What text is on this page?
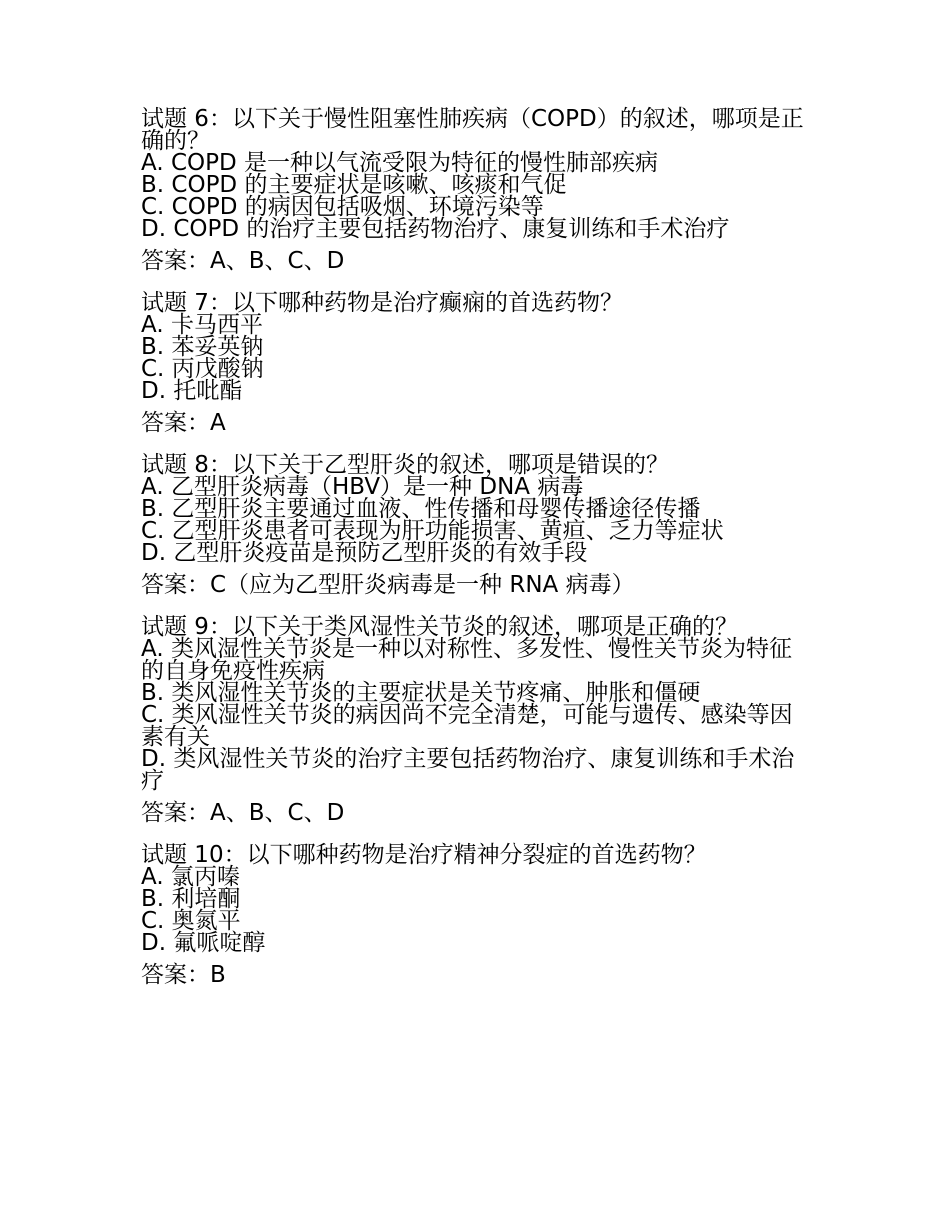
试题 6：以下关于慢性阻塞性肺疾病（COPD）的叙述，哪项是正确的？
A. COPD 是一种以气流受限为特征的慢性肺部疾病
B. COPD 的主要症状是咳嗽、咳痰和气促
C. COPD 的病因包括吸烟、环境污染等
D. COPD 的治疗主要包括药物治疗、康复训练和手术治疗
答案：A、B、C、D
试题 7：以下哪种药物是治疗癫痫的首选药物？
A. 卡马西平
B. 苯妥英钠
C. 丙戊酸钠
D. 托吡酯
答案：A
试题 8：以下关于乙型肝炎的叙述，哪项是错误的？
A. 乙型肝炎病毒（HBV）是一种 DNA 病毒
B. 乙型肝炎主要通过血液、性传播和母婴传播途径传播
C. 乙型肝炎患者可表现为肝功能损害、黄疸、乏力等症状
D. 乙型肝炎疫苗是预防乙型肝炎的有效手段
答案：C（应为乙型肝炎病毒是一种 RNA 病毒）
试题 9：以下关于类风湿性关节炎的叙述，哪项是正确的？
A. 类风湿性关节炎是一种以对称性、多发性、慢性关节炎为特征的自身免疫性疾病
B. 类风湿性关节炎的主要症状是关节疼痛、肿胀和僵硬
C. 类风湿性关节炎的病因尚不完全清楚，可能与遗传、感染等因素有关
D. 类风湿性关节炎的治疗主要包括药物治疗、康复训练和手术治疗
答案：A、B、C、D
试题 10：以下哪种药物是治疗精神分裂症的首选药物？
A. 氯丙嗪
B. 利培酮
C. 奥氮平
D. 氟哌啶醇
答案：B
